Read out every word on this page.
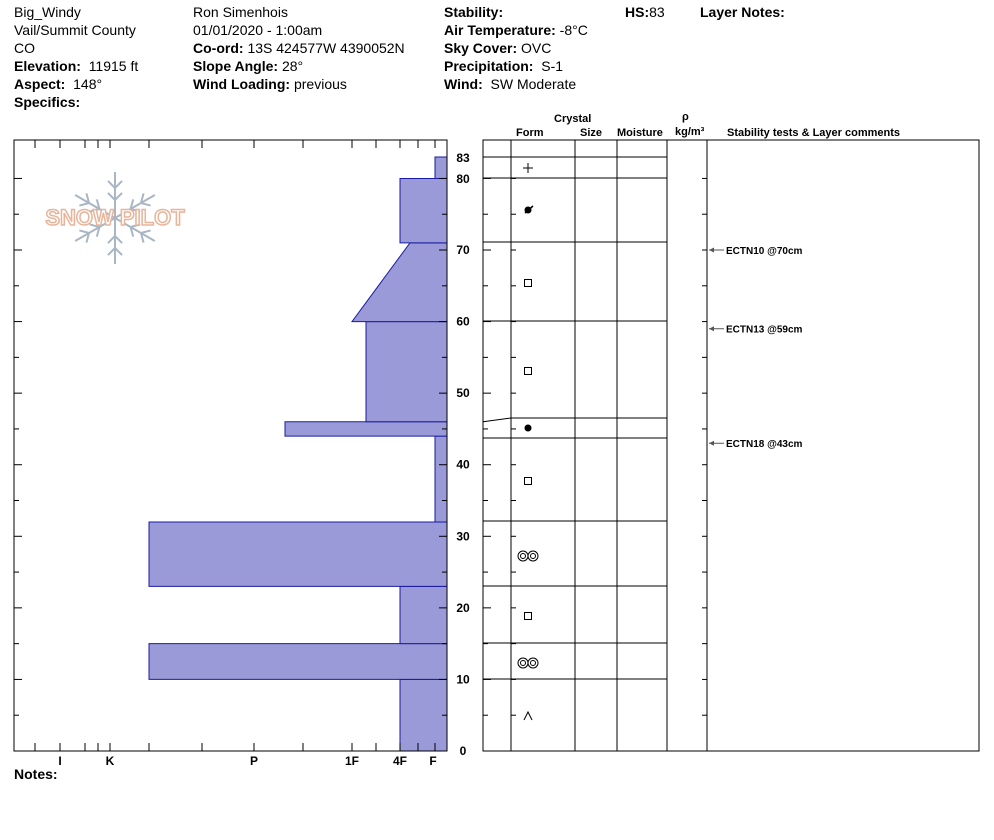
Big_Windy
Vail/Summit County
CO
Elevation: 11915 ft
Aspect: 148°
Specifics:
Ron Simenhois
01/01/2020 - 1:00am
Co-ord: 13S 424577W 4390052N
Slope Angle: 28°
Wind Loading: previous
Stability:
Air Temperature: -8°C
Sky Cover: OVC
Precipitation: S-1
Wind: SW Moderate
HS:83	Layer Notes:
Crystal
Form	Size Moisture
ρ
kg/m³ Stability tests & Layer comments
Notes:
SNOW PILOT
I	K	P	1F	4F F
0
10
20
30
40
50
60
70
80
83
ECTN10 @70cm
ECTN13 @59cm
ECTN18 @43cm
